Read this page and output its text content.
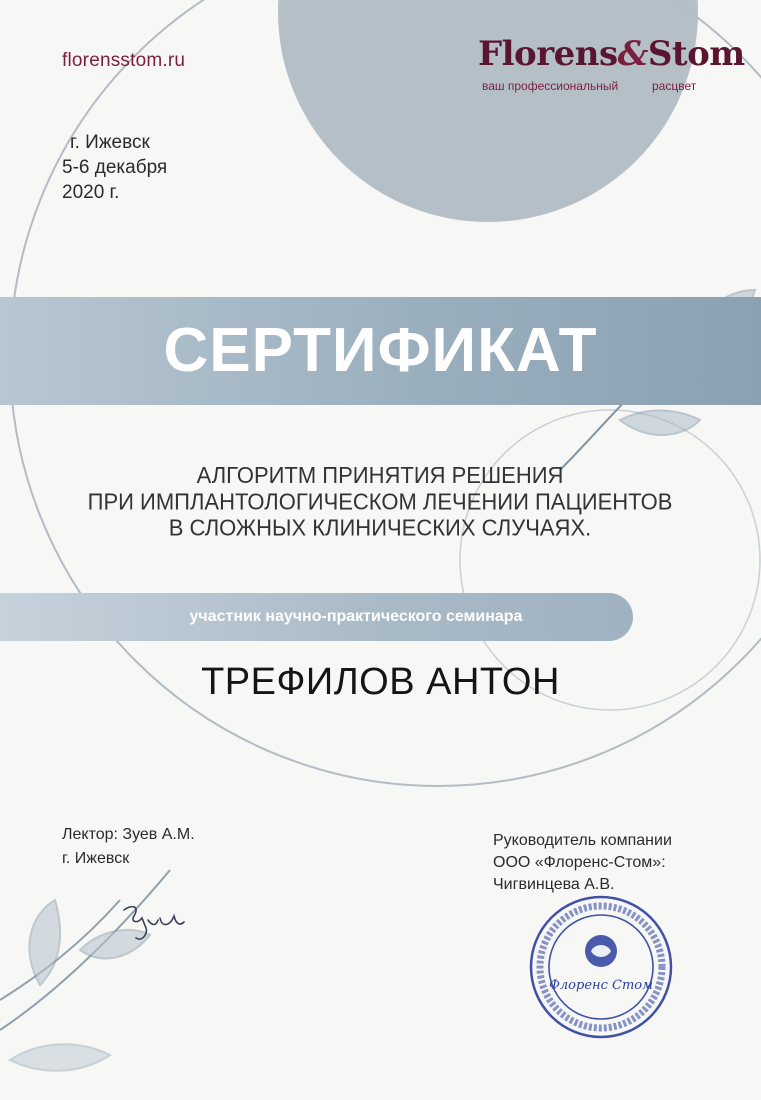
florensstom.ru	Florens&Stom
ваш профессиональный	расцвет
г. Ижевск
5-6 декабря
2020 г.
СЕРТИФИКАТ
АЛГОРИТМ ПРИНЯТИЯ РЕШЕНИЯ
ПРИ ИМПЛАНТОЛОГИЧЕСКОМ ЛЕЧЕНИИ ПАЦИЕНТОВ
В СЛОЖНЫХ КЛИНИЧЕСКИХ СЛУЧАЯХ.
участник научно-практического семинара
ТРЕФИЛОВ АНТОН
Лектор: Зуев А.М.
г. Ижевск
Руководитель компании
ООО «Флоренс-Стом»:
Чигвинцева А.В.
Флоренс Стом
